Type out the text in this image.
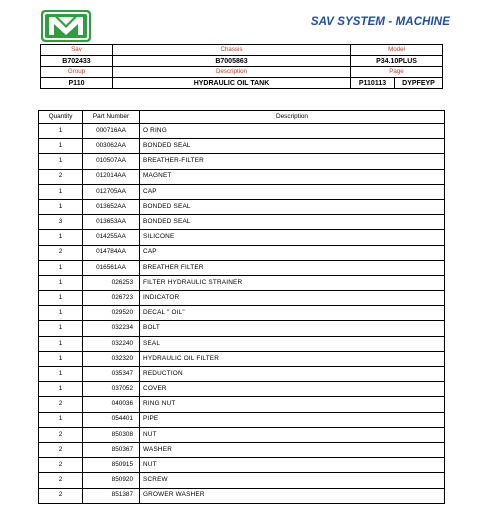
SAV SYSTEM - MACHINE
Sav	Chassis	Model	
B702433	B7005863	P34.10PLUS	
Group	Description	Page	
P110	HYDRAULIC OIL TANK	P110113	DYPFEYP
Quantity	Part Number	Description
1	000716AA	O RING
1	003062AA	BONDED SEAL
1	010507AA	BREATHER-FILTER
2	012014AA	MAGNET
1	012705AA	CAP
1	013652AA	BONDED SEAL
3	013653AA	BONDED SEAL
1	014255AA	SILICONE
2	014784AA	CAP
1	016561AA	BREATHER FILTER
1	026253	FILTER HYDRAULIC STRAINER
1	026723	INDICATOR
1	029520	DECAL " OIL"
1	032234	BOLT
1	032240	SEAL
1	032320	HYDRAULIC OIL FILTER
1	035347	REDUCTION
1	037052	COVER
2	040036	RING NUT
1	054401	PIPE
2	850308	NUT
2	850367	WASHER
2	850915	NUT
2	850920	SCREW
2	851387	GROWER WASHER
